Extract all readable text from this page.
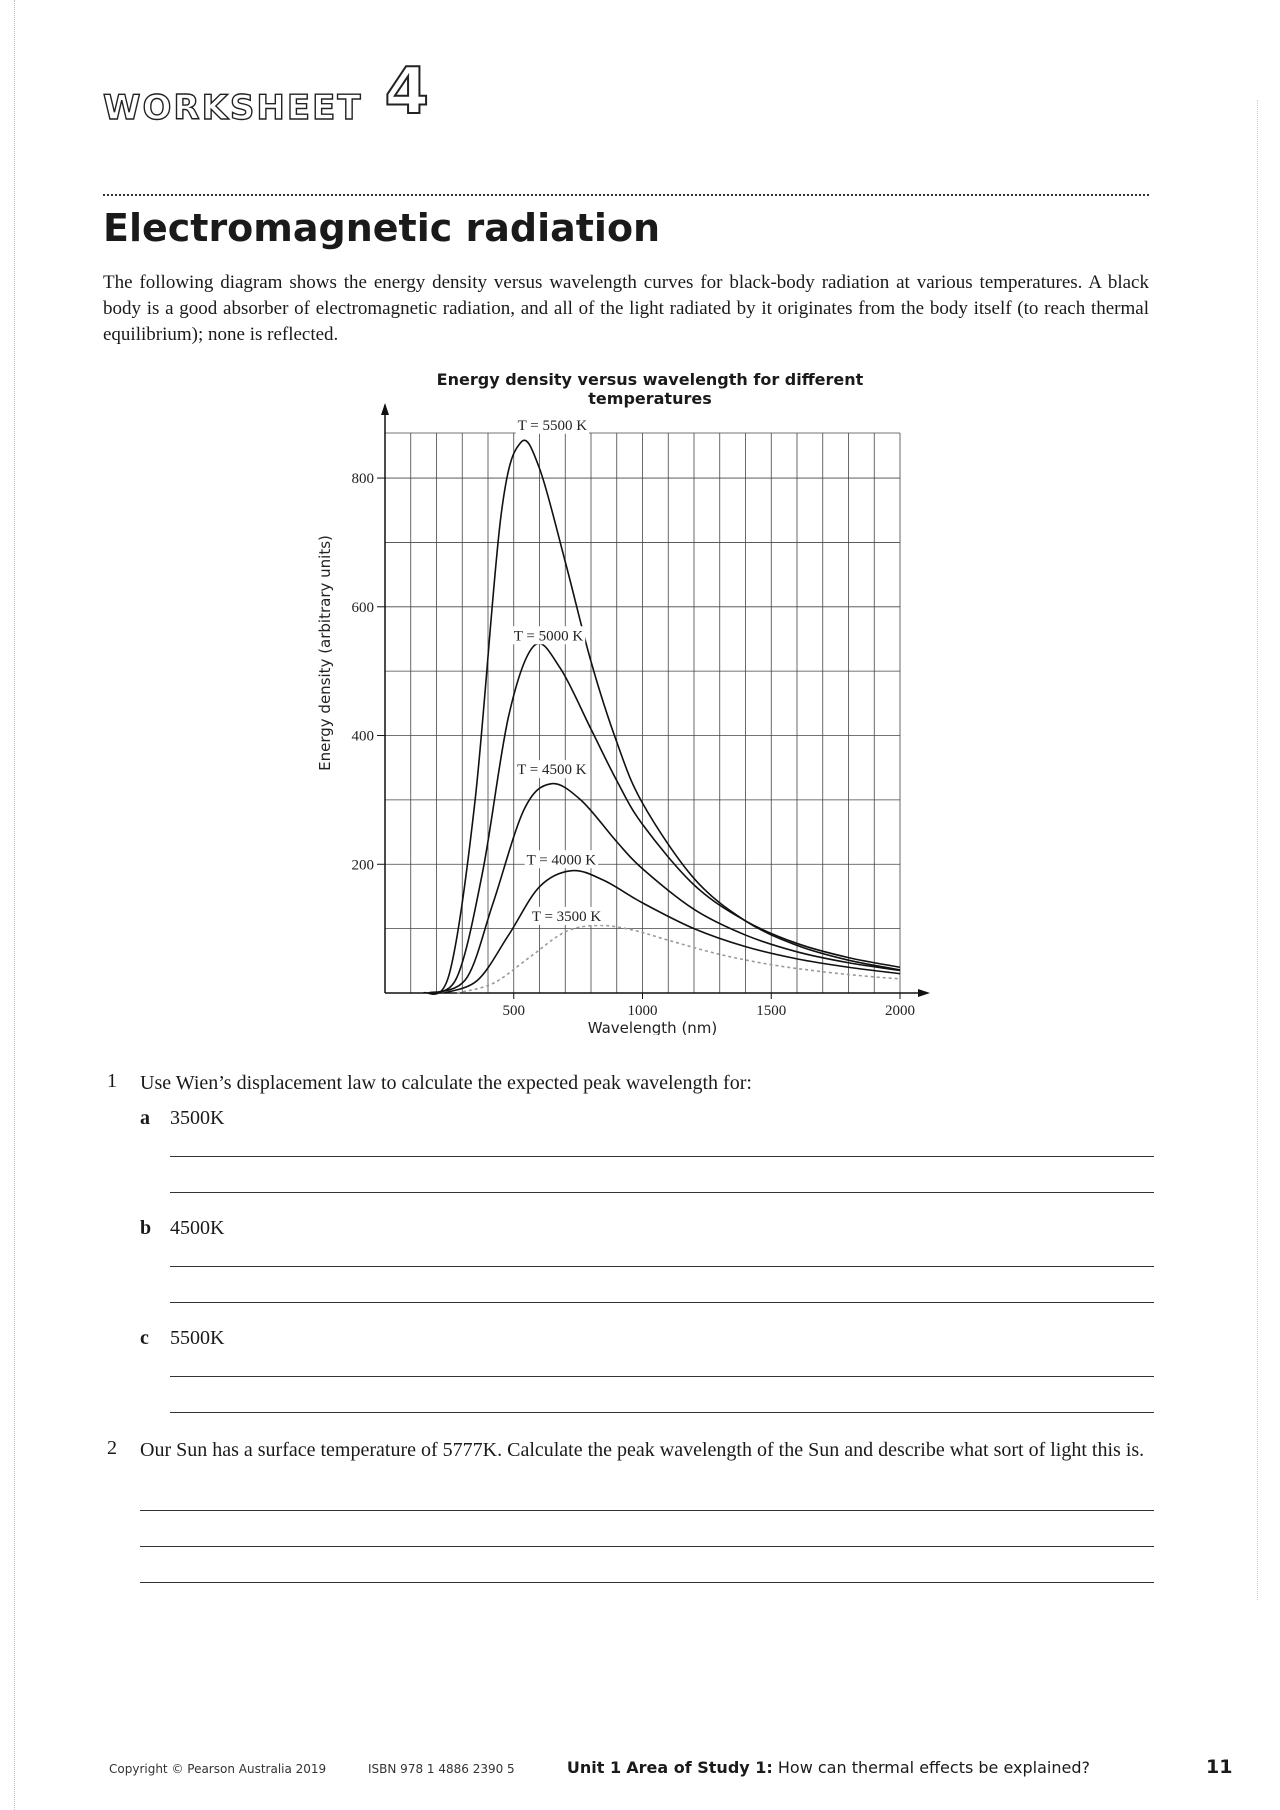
WORKSHEET 4
Electromagnetic radiation

The following diagram shows the energy density versus wavelength curves for black-body radiation at various temperatures. A black body is a good absorber of electromagnetic radiation, and all of the light radiated by it originates from the body itself (to reach thermal equilibrium); none is reflected.

Energy density versus wavelength for different temperatures
500	1000	1500	2000
200
400
600
800
Wavelength (nm)
Energy density (arbitrary units)
T = 5500 K
T = 5000 K
T = 4500 K
T = 4000 K
T = 3500 K
1 Use Wien’s displacement law to calculate the expected peak wavelength for:
a 3500K
b 4500K
c 5500K
2 Our Sun has a surface temperature of 5777K. Calculate the peak wavelength of the Sun and describe what sort of light this is.
Copyright © Pearson Australia 2019	ISBN 978 1 4886 2390 5	Unit 1 Area of Study 1: How can thermal effects be explained?	11
